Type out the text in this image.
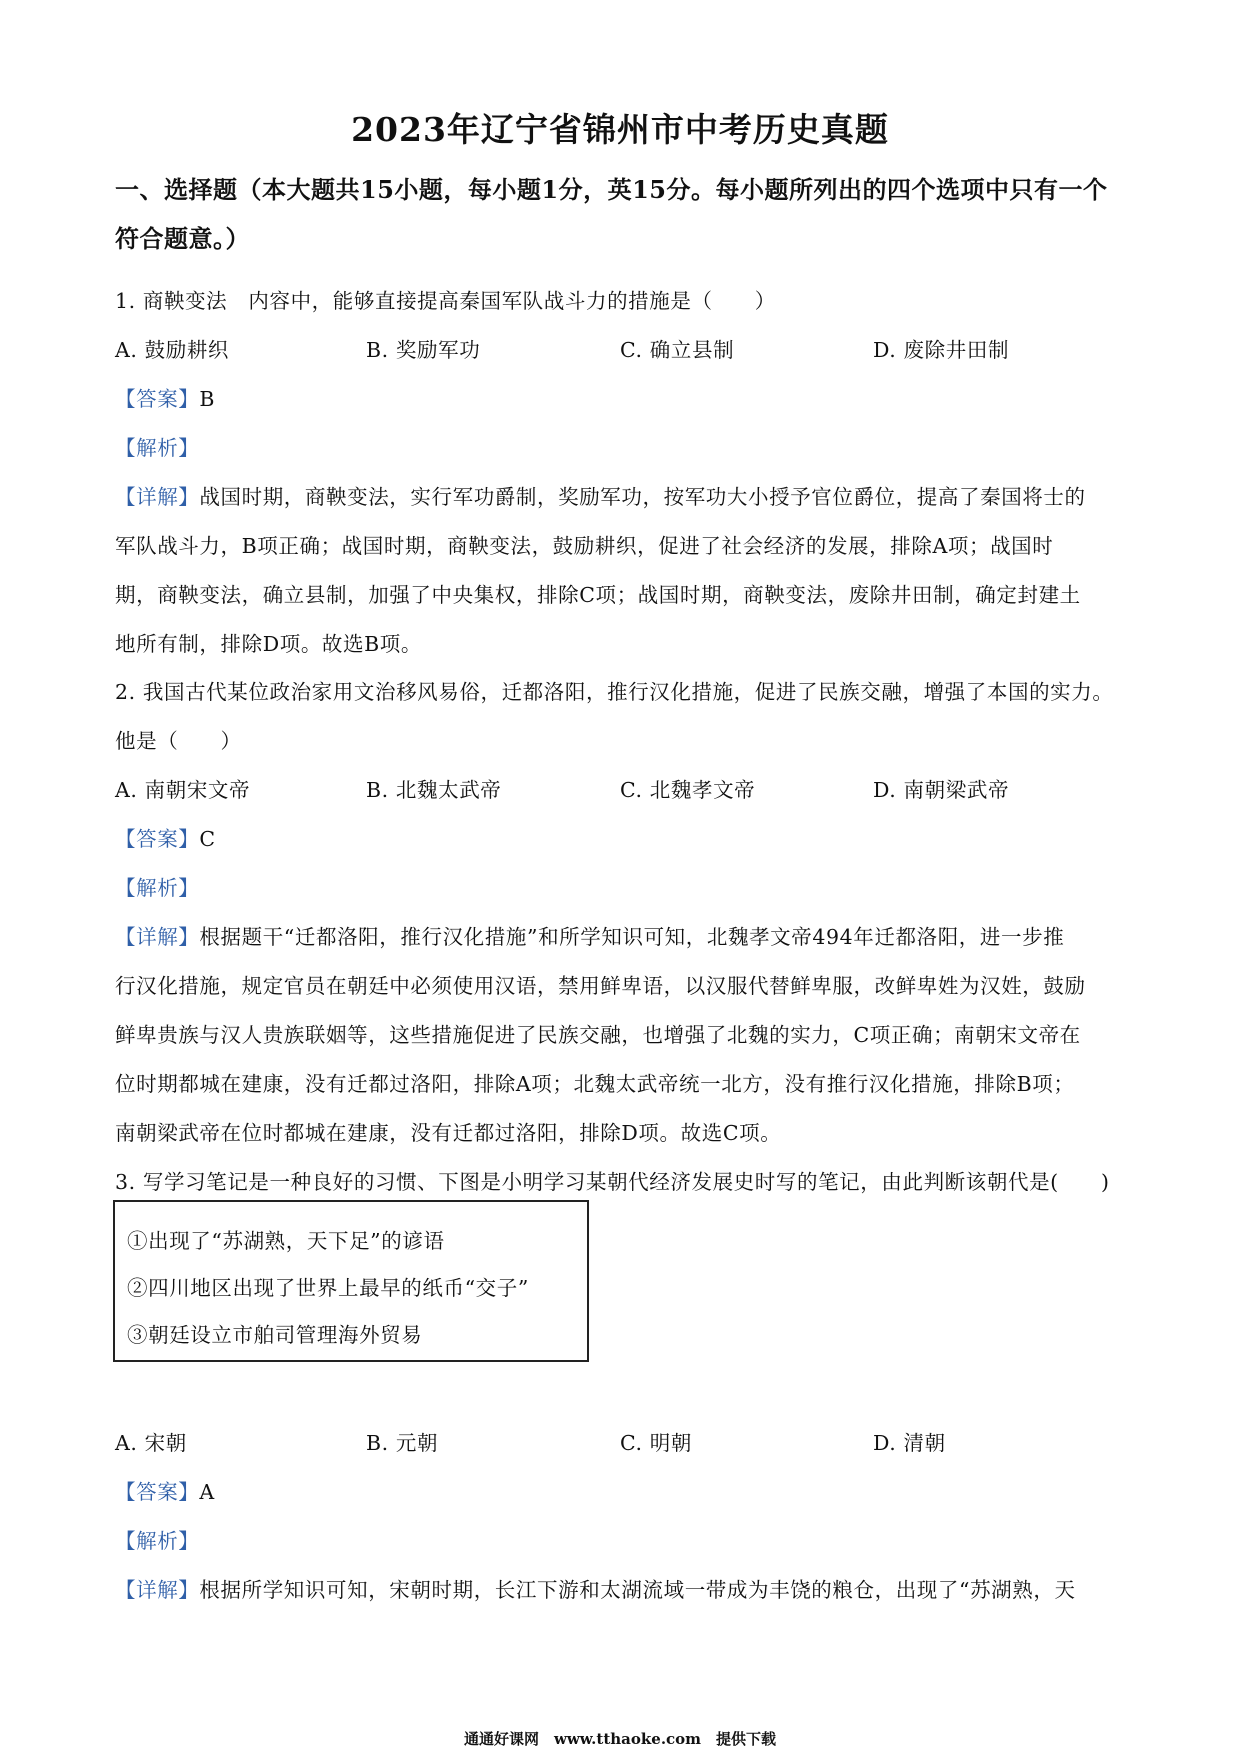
2023年辽宁省锦州市中考历史真题
一、选择题（本大题共15小题，每小题1分，英15分。每小题所列出的四个选项中只有一个
符合题意。）
1. 商鞅变法　内容中，能够直接提高秦国军队战斗力的措施是（　　）
A. 鼓励耕织	B. 奖励军功	C. 确立县制	D. 废除井田制
【答案】B
【解析】
【详解】战国时期，商鞅变法，实行军功爵制，奖励军功，按军功大小授予官位爵位，提高了秦国将士的
军队战斗力，B项正确；战国时期，商鞅变法，鼓励耕织，促进了社会经济的发展，排除A项；战国时
期，商鞅变法，确立县制，加强了中央集权，排除C项；战国时期，商鞅变法，废除井田制，确定封建土
地所有制，排除D项。故选B项。
2. 我国古代某位政治家用文治移风易俗，迁都洛阳，推行汉化措施，促进了民族交融，增强了本国的实力。
他是（　　）
A. 南朝宋文帝	B. 北魏太武帝	C. 北魏孝文帝	D. 南朝梁武帝
【答案】C
【解析】
【详解】根据题干“迁都洛阳，推行汉化措施”和所学知识可知，北魏孝文帝494年迁都洛阳，进一步推
行汉化措施，规定官员在朝廷中必须使用汉语，禁用鲜卑语，以汉服代替鲜卑服，改鲜卑姓为汉姓，鼓励
鲜卑贵族与汉人贵族联姻等，这些措施促进了民族交融，也增强了北魏的实力，C项正确；南朝宋文帝在
位时期都城在建康，没有迁都过洛阳，排除A项；北魏太武帝统一北方，没有推行汉化措施，排除B项；
南朝梁武帝在位时都城在建康，没有迁都过洛阳，排除D项。故选C项。
3. 写学习笔记是一种良好的习惯、下图是小明学习某朝代经济发展史时写的笔记，由此判断该朝代是(　　)
①出现了“苏湖熟，天下足”的谚语
②四川地区出现了世界上最早的纸币“交子”
③朝廷设立市舶司管理海外贸易
A. 宋朝	B. 元朝	C. 明朝	D. 清朝
【答案】A
【解析】
【详解】根据所学知识可知，宋朝时期，长江下游和太湖流域一带成为丰饶的粮仓，出现了“苏湖熟，天
通通好课网　www.tthaoke.com　提供下载
